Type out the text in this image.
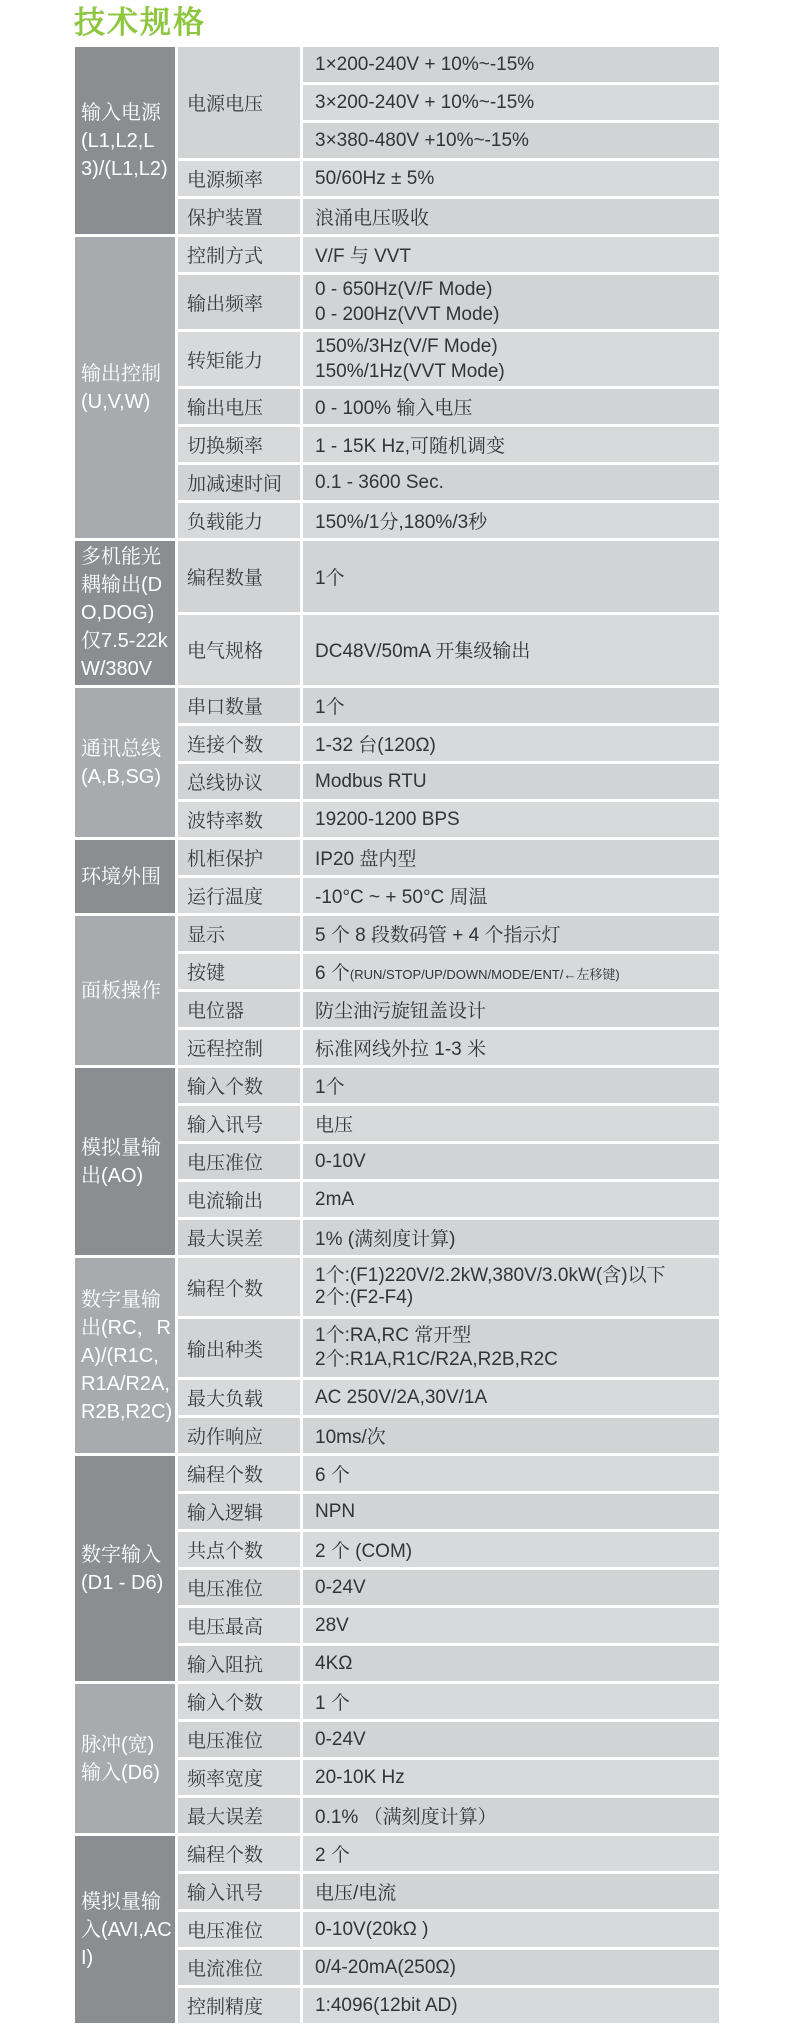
技术规格
输入电源(L1,L2,L3)/(L1,L2)	电源电压	1×200-240V + 10%~-15%
		3×200-240V + 10%~-15%
		3×380-480V +10%~-15%
	电源频率	50/60Hz ± 5%
	保护装置	浪涌电压吸收
输出控制(U,V,W)	控制方式	V/F 与 VVT
	输出频率	0 - 650Hz(V/F Mode)
0 - 200Hz(VVT Mode)
	转矩能力	150%/3Hz(V/F Mode)
150%/1Hz(VVT Mode)
	输出电压	0 - 100% 输入电压
	切换频率	1 - 15K Hz,可随机调变
	加减速时间	0.1 - 3600 Sec.
	负载能力	150%/1分,180%/3秒
多机能光耦输出(DO,DOG) 仅7.5-22kW/380V	编程数量	1个
	电气规格	DC48V/50mA 开集级输出
通讯总线(A,B,SG)	串口数量	1个
	连接个数	1-32 台(120Ω)
	总线协议	Modbus RTU
	波特率数	19200-1200 BPS
环境外围	机柜保护	IP20 盘内型
	运行温度	-10°C ~ + 50°C 周温
面板操作	显示	5 个 8 段数码管 + 4 个指示灯
	按键	6 个(RUN/STOP/UP/DOWN/MODE/ENT/←左移键)
	电位器	防尘油污旋钮盖设计
	远程控制	标准网线外拉 1-3 米
模拟量输出(AO)	输入个数	1个
	输入讯号	电压
	电压准位	0-10V
	电流输出	2mA
	最大误差	1% (满刻度计算)
数字量输出(RC，RA)/(R1C,R1A/R2A,R2B,R2C)	编程个数	1个:(F1)220V/2.2kW,380V/3.0kW(含)以下
2个:(F2-F4)
	输出种类	1个:RA,RC 常开型
2个:R1A,R1C/R2A,R2B,R2C
	最大负载	AC 250V/2A,30V/1A
	动作响应	10ms/次
数字输入(D1 - D6)	编程个数	6 个
	输入逻辑	NPN
	共点个数	2 个 (COM)
	电压准位	0-24V
	电压最高	28V
	输入阻抗	4KΩ
脉冲(宽)输入(D6)	输入个数	1 个
	电压准位	0-24V
	频率宽度	20-10K Hz
	最大误差	0.1% （满刻度计算）
模拟量输入(AVI,ACI)	编程个数	2 个
	输入讯号	电压/电流
	电压准位	0-10V(20kΩ )
	电流准位	0/4-20mA(250Ω)
	控制精度	1:4096(12bit AD)
